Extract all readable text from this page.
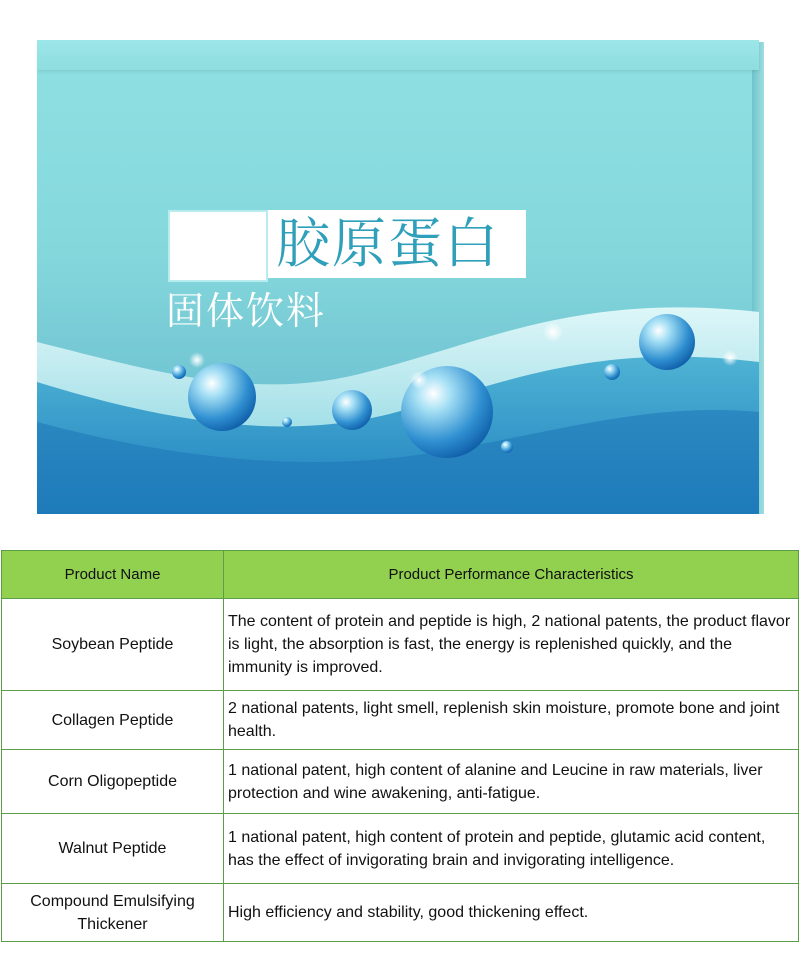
胶原蛋白
固体饮料
Product Name	Product Performance Characteristics
Soybean Peptide	The content of protein and peptide is high, 2 national patents, the product flavor is light, the absorption is fast, the energy is replenished quickly, and the immunity is improved.
Collagen Peptide	2 national patents, light smell, replenish skin moisture, promote bone and joint health.
Corn Oligopeptide	1 national patent, high content of alanine and Leucine in raw materials, liver protection and wine awakening, anti-fatigue.
Walnut Peptide	1 national patent, high content of protein and peptide, glutamic acid content, has the effect of invigorating brain and invigorating intelligence.
Compound Emulsifying Thickener	High efficiency and stability, good thickening effect.
